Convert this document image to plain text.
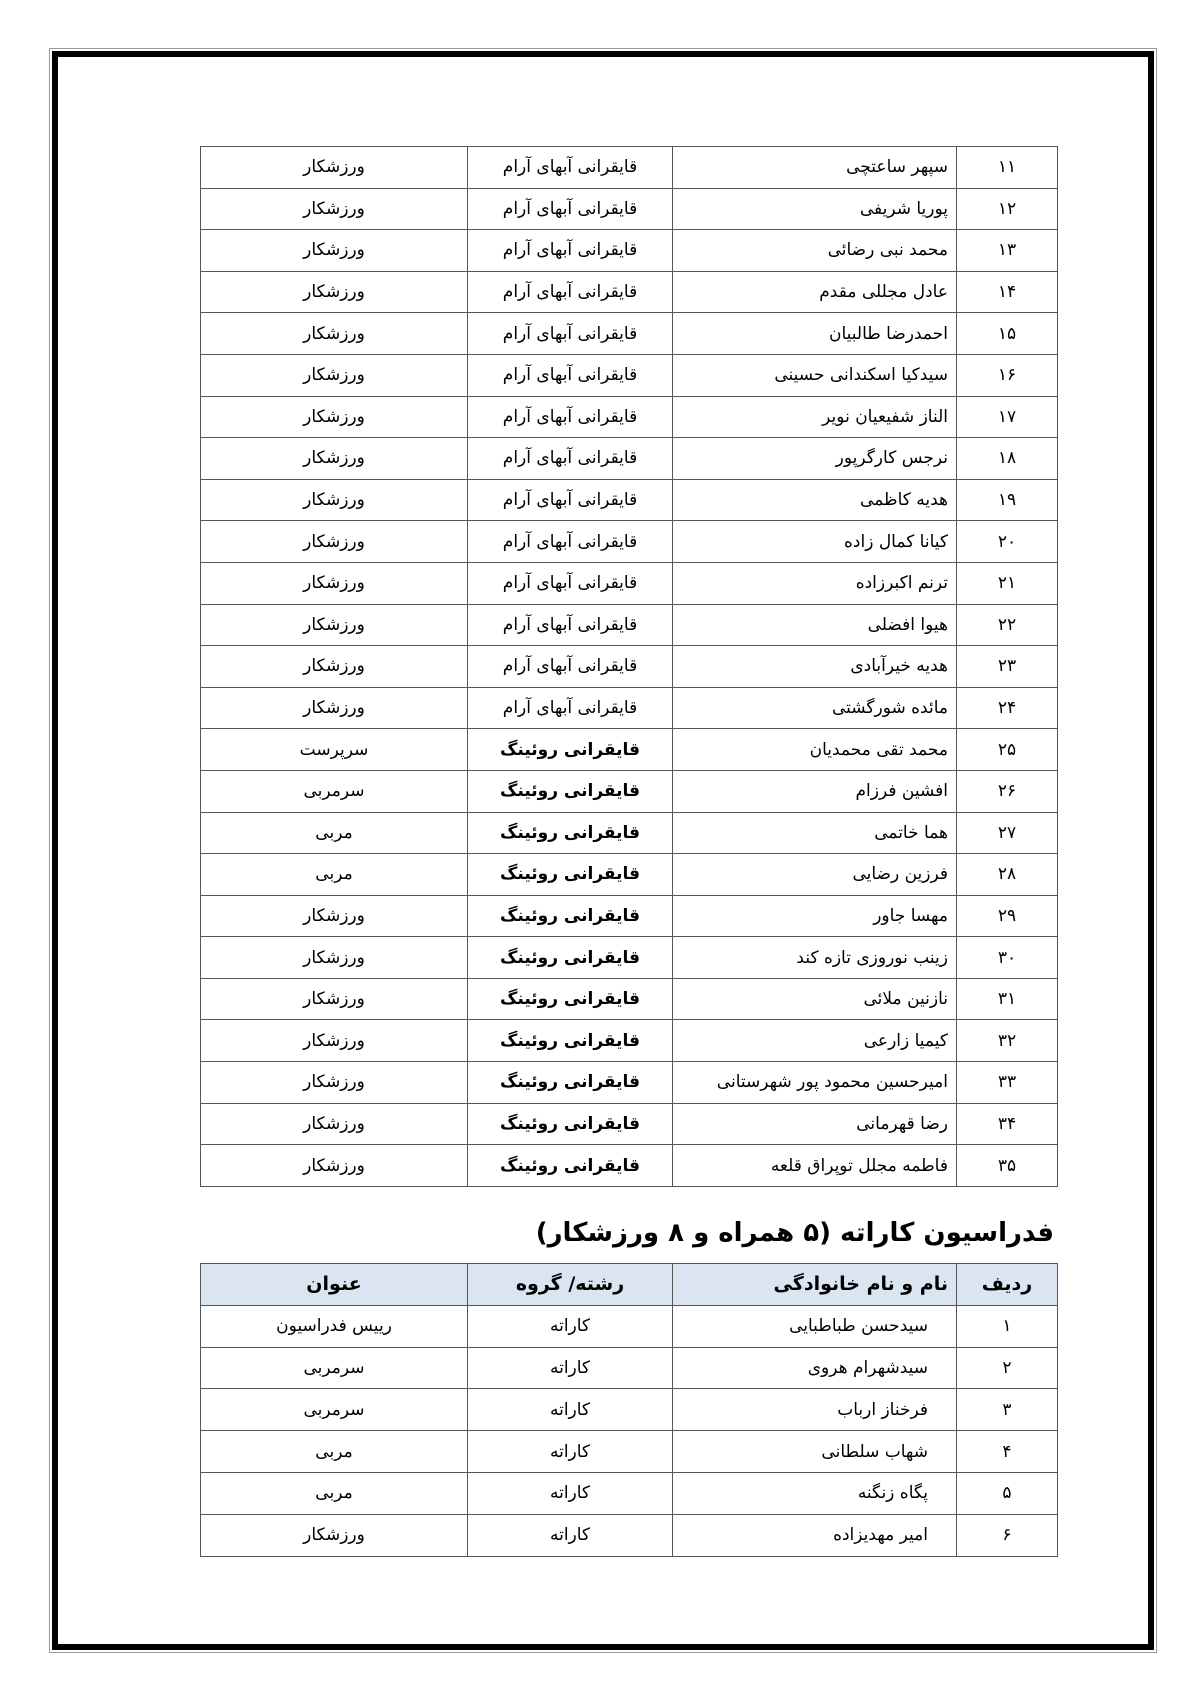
۱۱	سپهر ساعتچی	قایقرانی آبهای آرام	ورزشکار
۱۲	پوریا شریفی	قایقرانی آبهای آرام	ورزشکار
۱۳	محمد نبی رضائی	قایقرانی آبهای آرام	ورزشکار
۱۴	عادل مجللی مقدم	قایقرانی آبهای آرام	ورزشکار
۱۵	احمدرضا طالبیان	قایقرانی آبهای آرام	ورزشکار
۱۶	سیدکیا اسکندانی حسینی	قایقرانی آبهای آرام	ورزشکار
۱۷	الناز شفیعیان نویر	قایقرانی آبهای آرام	ورزشکار
۱۸	نرجس کارگرپور	قایقرانی آبهای آرام	ورزشکار
۱۹	هدیه کاظمی	قایقرانی آبهای آرام	ورزشکار
۲۰	کیانا کمال زاده	قایقرانی آبهای آرام	ورزشکار
۲۱	ترنم اکبرزاده	قایقرانی آبهای آرام	ورزشکار
۲۲	هیوا افضلی	قایقرانی آبهای آرام	ورزشکار
۲۳	هدیه خیرآبادی	قایقرانی آبهای آرام	ورزشکار
۲۴	مائده شورگشتی	قایقرانی آبهای آرام	ورزشکار
۲۵	محمد تقی محمدیان	قایقرانی روئینگ	سرپرست
۲۶	افشین فرزام	قایقرانی روئینگ	سرمربی
۲۷	هما خاتمی	قایقرانی روئینگ	مربی
۲۸	فرزین رضایی	قایقرانی روئینگ	مربی
۲۹	مهسا جاور	قایقرانی روئینگ	ورزشکار
۳۰	زینب نوروزی تازه کند	قایقرانی روئینگ	ورزشکار
۳۱	نازنین ملائی	قایقرانی روئینگ	ورزشکار
۳۲	کیمیا زارعی	قایقرانی روئینگ	ورزشکار
۳۳	امیرحسین محمود پور شهرستانی	قایقرانی روئینگ	ورزشکار
۳۴	رضا قهرمانی	قایقرانی روئینگ	ورزشکار
۳۵	فاطمه مجلل توپراق قلعه	قایقرانی روئینگ	ورزشکار
فدراسیون کاراته (۵ همراه و ۸ ورزشکار)
ردیف	نام و نام خانوادگی	رشته/ گروه	عنوان
۱	سیدحسن طباطبایی	کاراته	رییس فدراسیون
۲	سیدشهرام هروی	کاراته	سرمربی
۳	فرخناز ارباب	کاراته	سرمربی
۴	شهاب سلطانی	کاراته	مربی
۵	پگاه زنگنه	کاراته	مربی
۶	امیر مهدیزاده	کاراته	ورزشکار
